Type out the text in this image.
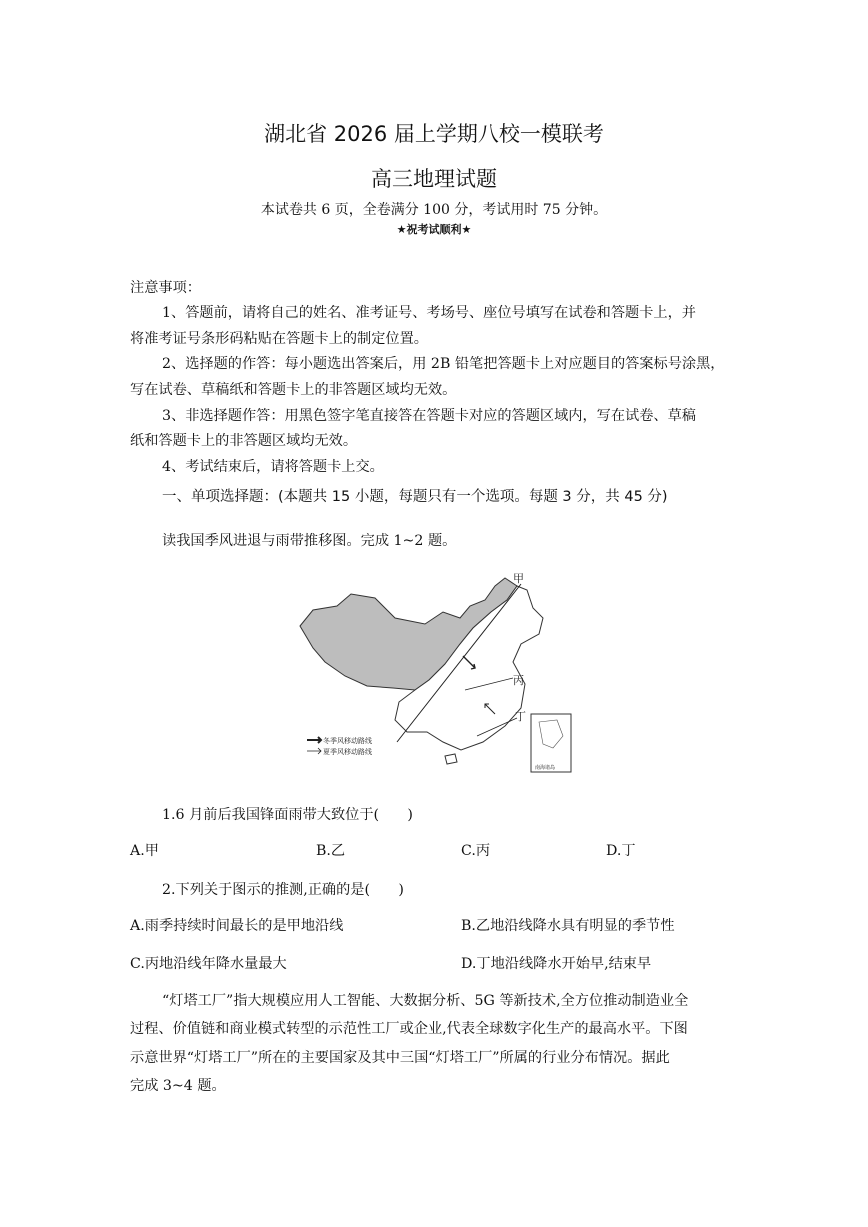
湖北省 2026 届上学期八校一模联考
高三地理试题
本试卷共 6 页，全卷满分 100 分，考试用时 75 分钟。
★祝考试顺利★
注意事项：
1、答题前，请将自己的姓名、准考证号、考场号、座位号填写在试卷和答题卡上，并
将准考证号条形码粘贴在答题卡上的制定位置。
2、选择题的作答：每小题选出答案后，用 2B 铅笔把答题卡上对应题目的答案标号涂黑，
写在试卷、草稿纸和答题卡上的非答题区域均无效。
3、非选择题作答：用黑色签字笔直接答在答题卡对应的答题区域内，写在试卷、草稿
纸和答题卡上的非答题区域均无效。
4、考试结束后，请将答题卡上交。
一、单项选择题：(本题共 15 小题，每题只有一个选项。每题 3 分，共 45 分)
读我国季风进退与雨带推移图。完成 1~2 题。
南海诸岛
甲
丙
丁
冬季风移动路线
夏季风移动路线
1.6 月前后我国锋面雨带大致位于(　　)
A.甲	B.乙	C.丙	D.丁
2.下列关于图示的推测,正确的是(　　)
A.雨季持续时间最长的是甲地沿线	B.乙地沿线降水具有明显的季节性
C.丙地沿线年降水量最大	D.丁地沿线降水开始早,结束早
“灯塔工厂”指大规模应用人工智能、大数据分析、5G 等新技术,全方位推动制造业全
过程、价值链和商业模式转型的示范性工厂或企业,代表全球数字化生产的最高水平。下图
示意世界“灯塔工厂”所在的主要国家及其中三国“灯塔工厂”所属的行业分布情况。据此
完成 3~4 题。
